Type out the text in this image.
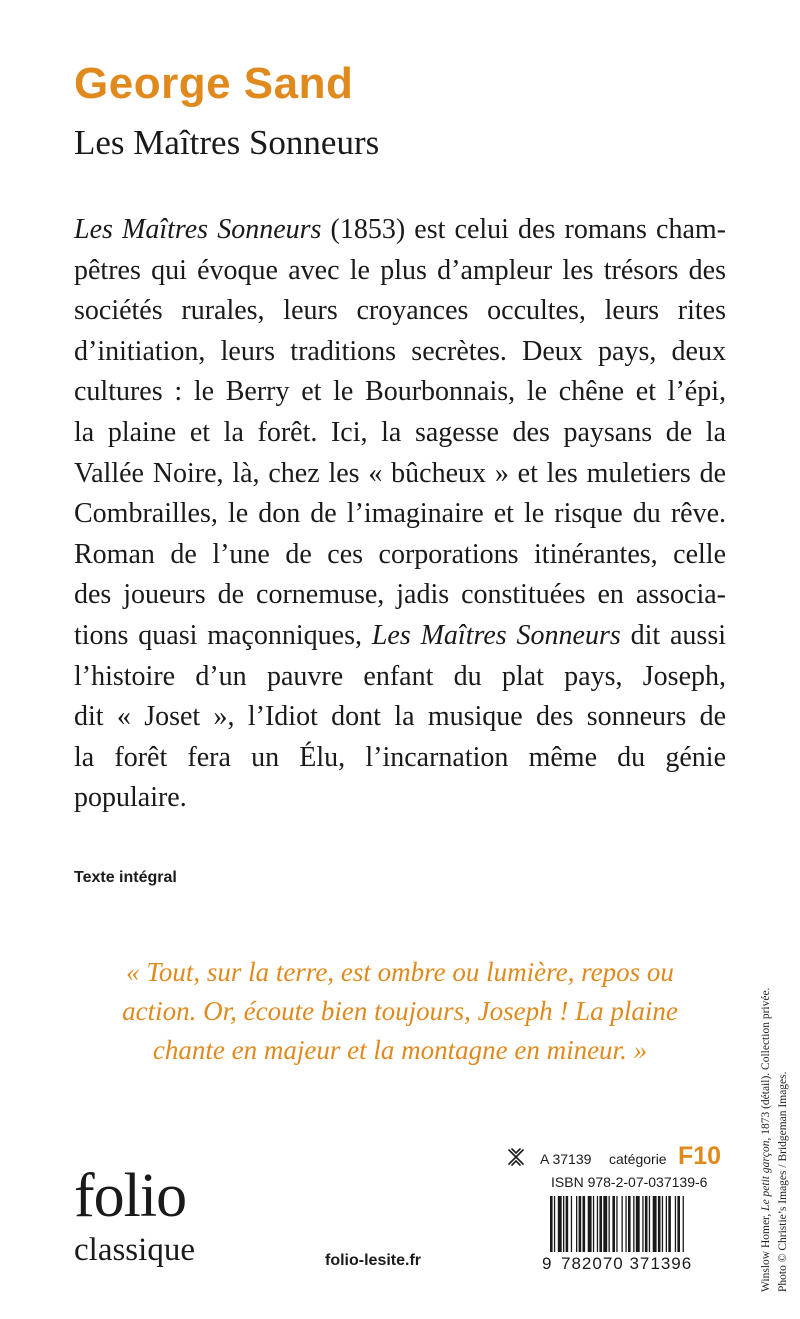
George Sand
Les Maîtres Sonneurs
Les Maîtres Sonneurs (1853) est celui des romans cham-
pêtres qui évoque avec le plus d’ampleur les trésors des
sociétés rurales, leurs croyances occultes, leurs rites
d’initiation, leurs traditions secrètes. Deux pays, deux
cultures : le Berry et le Bourbonnais, le chêne et l’épi,
la plaine et la forêt. Ici, la sagesse des paysans de la
Vallée Noire, là, chez les « bûcheux » et les muletiers de
Combrailles, le don de l’imaginaire et le risque du rêve.
Roman de l’une de ces corporations itinérantes, celle
des joueurs de cornemuse, jadis constituées en associa-
tions quasi maçonniques, Les Maîtres Sonneurs dit aussi
l’histoire d’un pauvre enfant du plat pays, Joseph,
dit « Joset », l’Idiot dont la musique des sonneurs de
la forêt fera un Élu, l’incarnation même du génie
populaire.
Texte intégral
« Tout, sur la terre, est ombre ou lumière, repos ou
action. Or, écoute bien toujours, Joseph ! La plaine
chante en majeur et la montagne en mineur. »
Winslow Homer, Le petit garçon, 1873 (détail). Collection privée.
Photo © Christie’s Images / Bridgeman Images.
folio
classique	folio-lesite.fr
A 37139 catégorie F10
ISBN 978-2-07-037139-6
9 782070 371396
